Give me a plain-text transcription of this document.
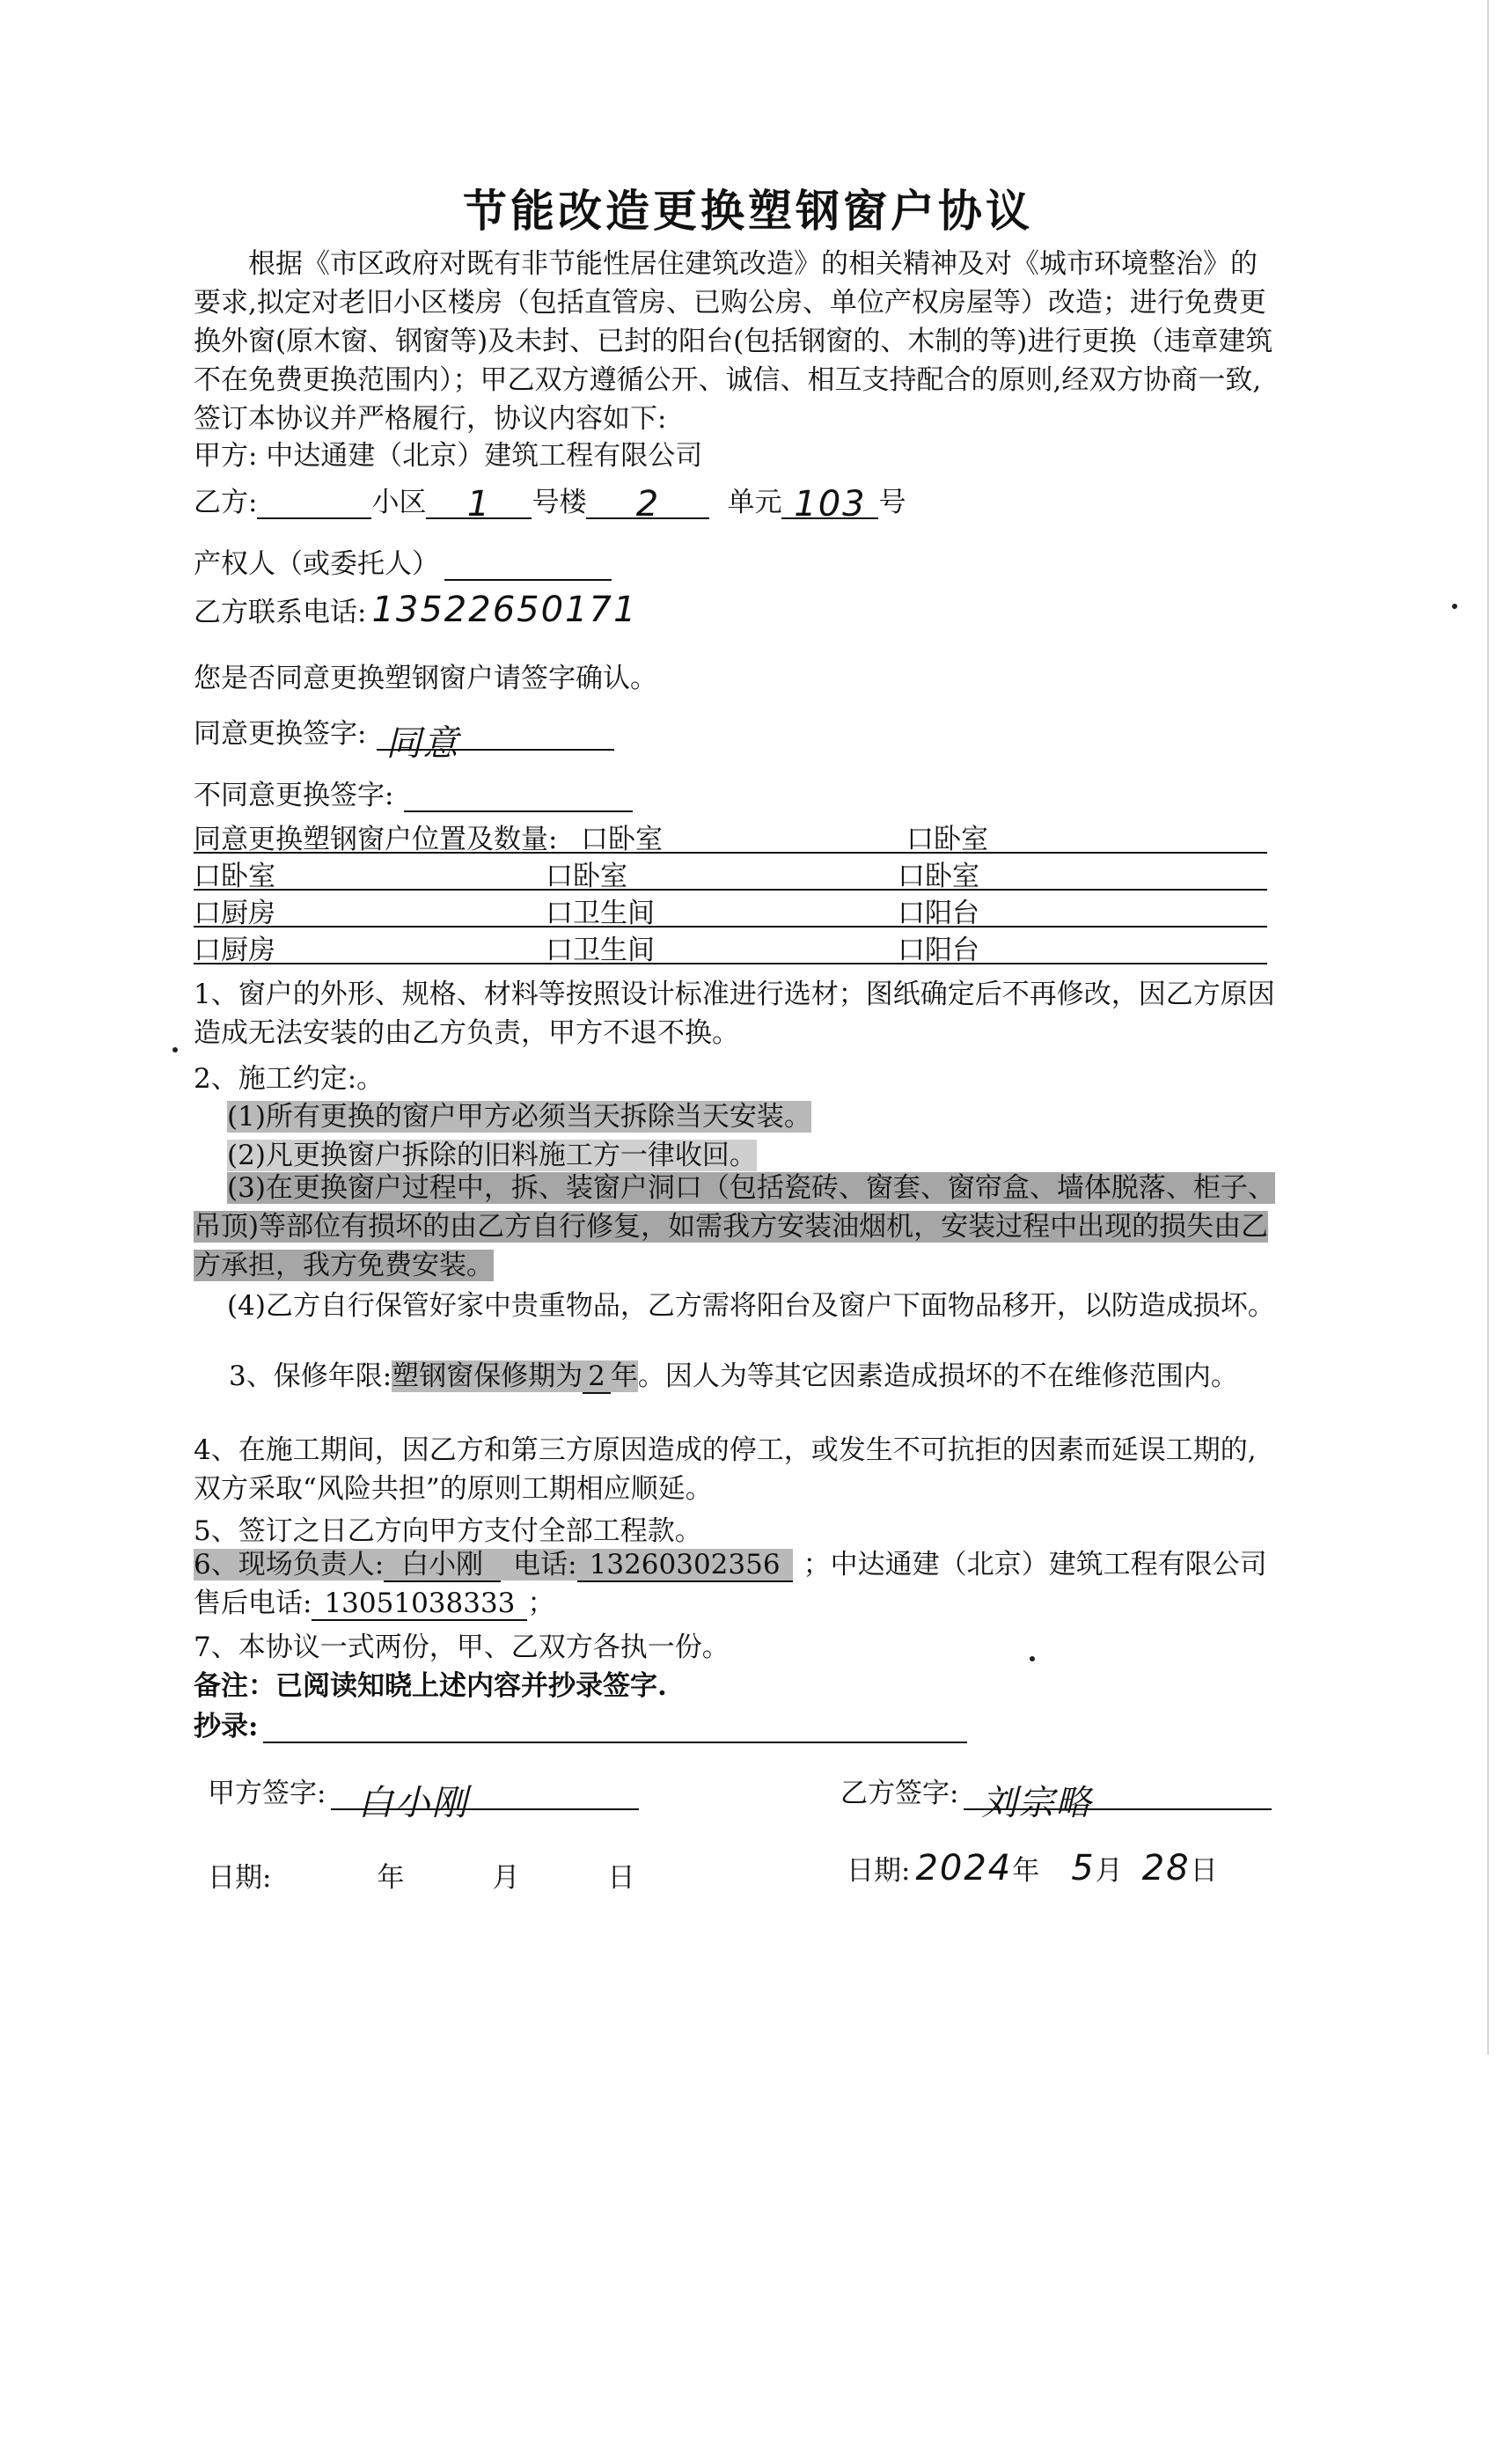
节能改造更换塑钢窗户协议
根据《市区政府对既有非节能性居住建筑改造》的相关精神及对《城市环境整治》的要求,拟定对老旧小区楼房（包括直管房、已购公房、单位产权房屋等）改造；进行免费更换外窗(原木窗、钢窗等)及未封、已封的阳台(包括钢窗的、木制的等)进行更换（违章建筑不在免费更换范围内）；甲乙双方遵循公开、诚信、相互支持配合的原则,经双方协商一致,签订本协议并严格履行，协议内容如下:
甲方: 中达通建（北京）建筑工程有限公司
乙方:	小区 1 号楼 2 单元 103 号
产权人（或委托人）
乙方联系电话: 13522650171
您是否同意更换塑钢窗户请签字确认。
同意更换签字: 同意
不同意更换签字:
同意更换塑钢窗户位置及数量: 口卧室	口卧室
口卧室	口卧室	口卧室
口厨房	口卫生间	口阳台
口厨房	口卫生间	口阳台
1、窗户的外形、规格、材料等按照设计标准进行选材；图纸确定后不再修改，因乙方原因造成无法安装的由乙方负责，甲方不退不换。
2、施工约定:。
(1)所有更换的窗户甲方必须当天拆除当天安装。
(2)凡更换窗户拆除的旧料施工方一律收回。
(3)在更换窗户过程中，拆、装窗户洞口（包括瓷砖、窗套、窗帘盒、墙体脱落、柜子、吊顶)等部位有损坏的由乙方自行修复，如需我方安装油烟机，安装过程中出现的损失由乙方承担，我方免费安装。
(4)乙方自行保管好家中贵重物品，乙方需将阳台及窗户下面物品移开，以防造成损坏。
3、保修年限:塑钢窗保修期为 2 年。因人为等其它因素造成损坏的不在维修范围内。
4、在施工期间，因乙方和第三方原因造成的停工，或发生不可抗拒的因素而延误工期的,双方采取“风险共担”的原则工期相应顺延。
5、签订之日乙方向甲方支付全部工程款。
6、现场负责人: 白小刚 电话: 13260302356 ；中达通建（北京）建筑工程有限公司售后电话: 13051038333 ；
7、本协议一式两份，甲、乙双方各执一份。
备注：已阅读知晓上述内容并抄录签字.
抄录:
甲方签字: 白小刚	乙方签字: 刘宗略
日期:	年	月	日	日期: 2024年 5月 28日
